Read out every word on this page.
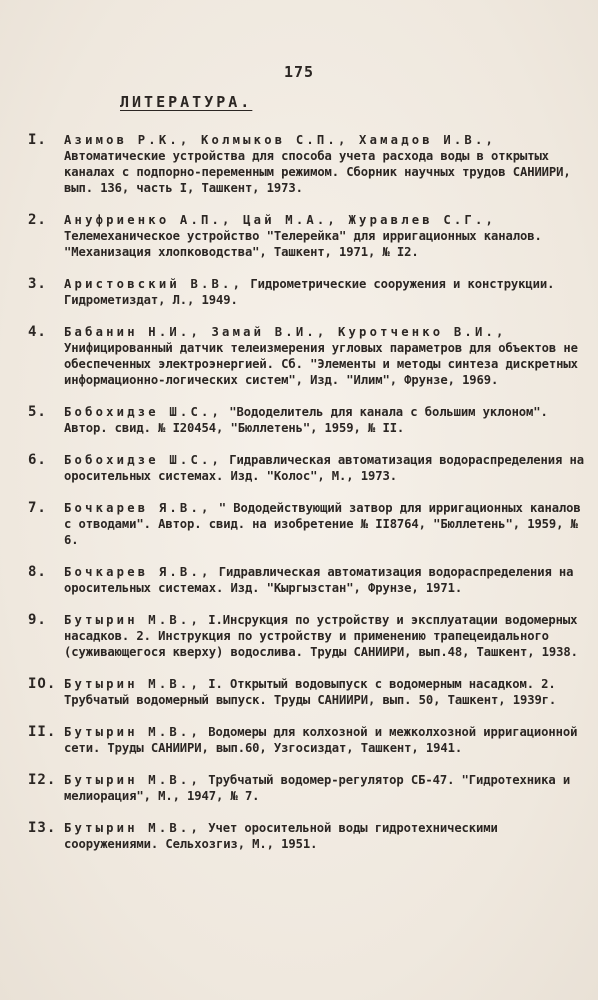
175
ЛИТЕРАТУРА.
I. Азимов Р.К., Колмыков С.П., Хамадов И.В., Автоматические устройства для способа учета расхода воды в открытых каналах с подпорно-переменным режимом. Сборник научных трудов САНИИРИ, вып. 136, часть I, Ташкент, 1973.
2. Ануфриенко А.П., Цай М.А., Журавлев С.Г., Телемеханическое устройство "Телерейка" для ирригационных каналов. "Механизация хлопководства", Ташкент, 1971, № I2.
3. Аристовский В.В., Гидрометрические сооружения и конструкции. Гидрометиздат, Л., 1949.
4. Бабанин Н.И., Замай В.И., Куротченко В.И., Унифицированный датчик телеизмерения угловых параметров для объектов не обеспеченных электроэнергией. Сб. "Элементы и методы синтеза дискретных информационно-логических систем", Изд. "Илим", Фрунзе, 1969.
5. Бобохидзе Ш.С., "Вододелитель для канала с большим уклоном". Автор. свид. № I20454, "Бюллетень", 1959, № II.
6. Бобохидзе Ш.С., Гидравлическая автоматизация водораспределения на оросительных системах. Изд. "Колос", М., 1973.
7. Бочкарев Я.В., " Вододействующий затвор для ирригационных каналов с отводами". Автор. свид. на изобретение № II8764, "Бюллетень", 1959, № 6.
8. Бочкарев Я.В., Гидравлическая автоматизация водораспределения на оросительных системах. Изд. "Кыргызстан", Фрунзе, 1971.
9. Бутырин М.В., I.Инсрукция по устройству и эксплуатации водомерных насадков. 2. Инструкция по устройству и применению трапецеидального (суживающегося кверху) водослива. Труды САНИИРИ, вып.48, Ташкент, 1938.
IO. Бутырин М.В., I. Открытый водовыпуск с водомерным насадком. 2. Трубчатый водомерный выпуск. Труды САНИИРИ, вып. 50, Ташкент, 1939г.
II. Бутырин М.В., Водомеры для колхозной и межколхозной ирригационной сети. Труды САНИИРИ, вып.60, Узгосиздат, Ташкент, 1941.
I2. Бутырин М.В., Трубчатый водомер-регулятор СБ-47. "Гидротехника и мелиорация", М., 1947, № 7.
I3. Бутырин М.В., Учет оросительной воды гидротехническими сооружениями. Сельхозгиз, М., 1951.
